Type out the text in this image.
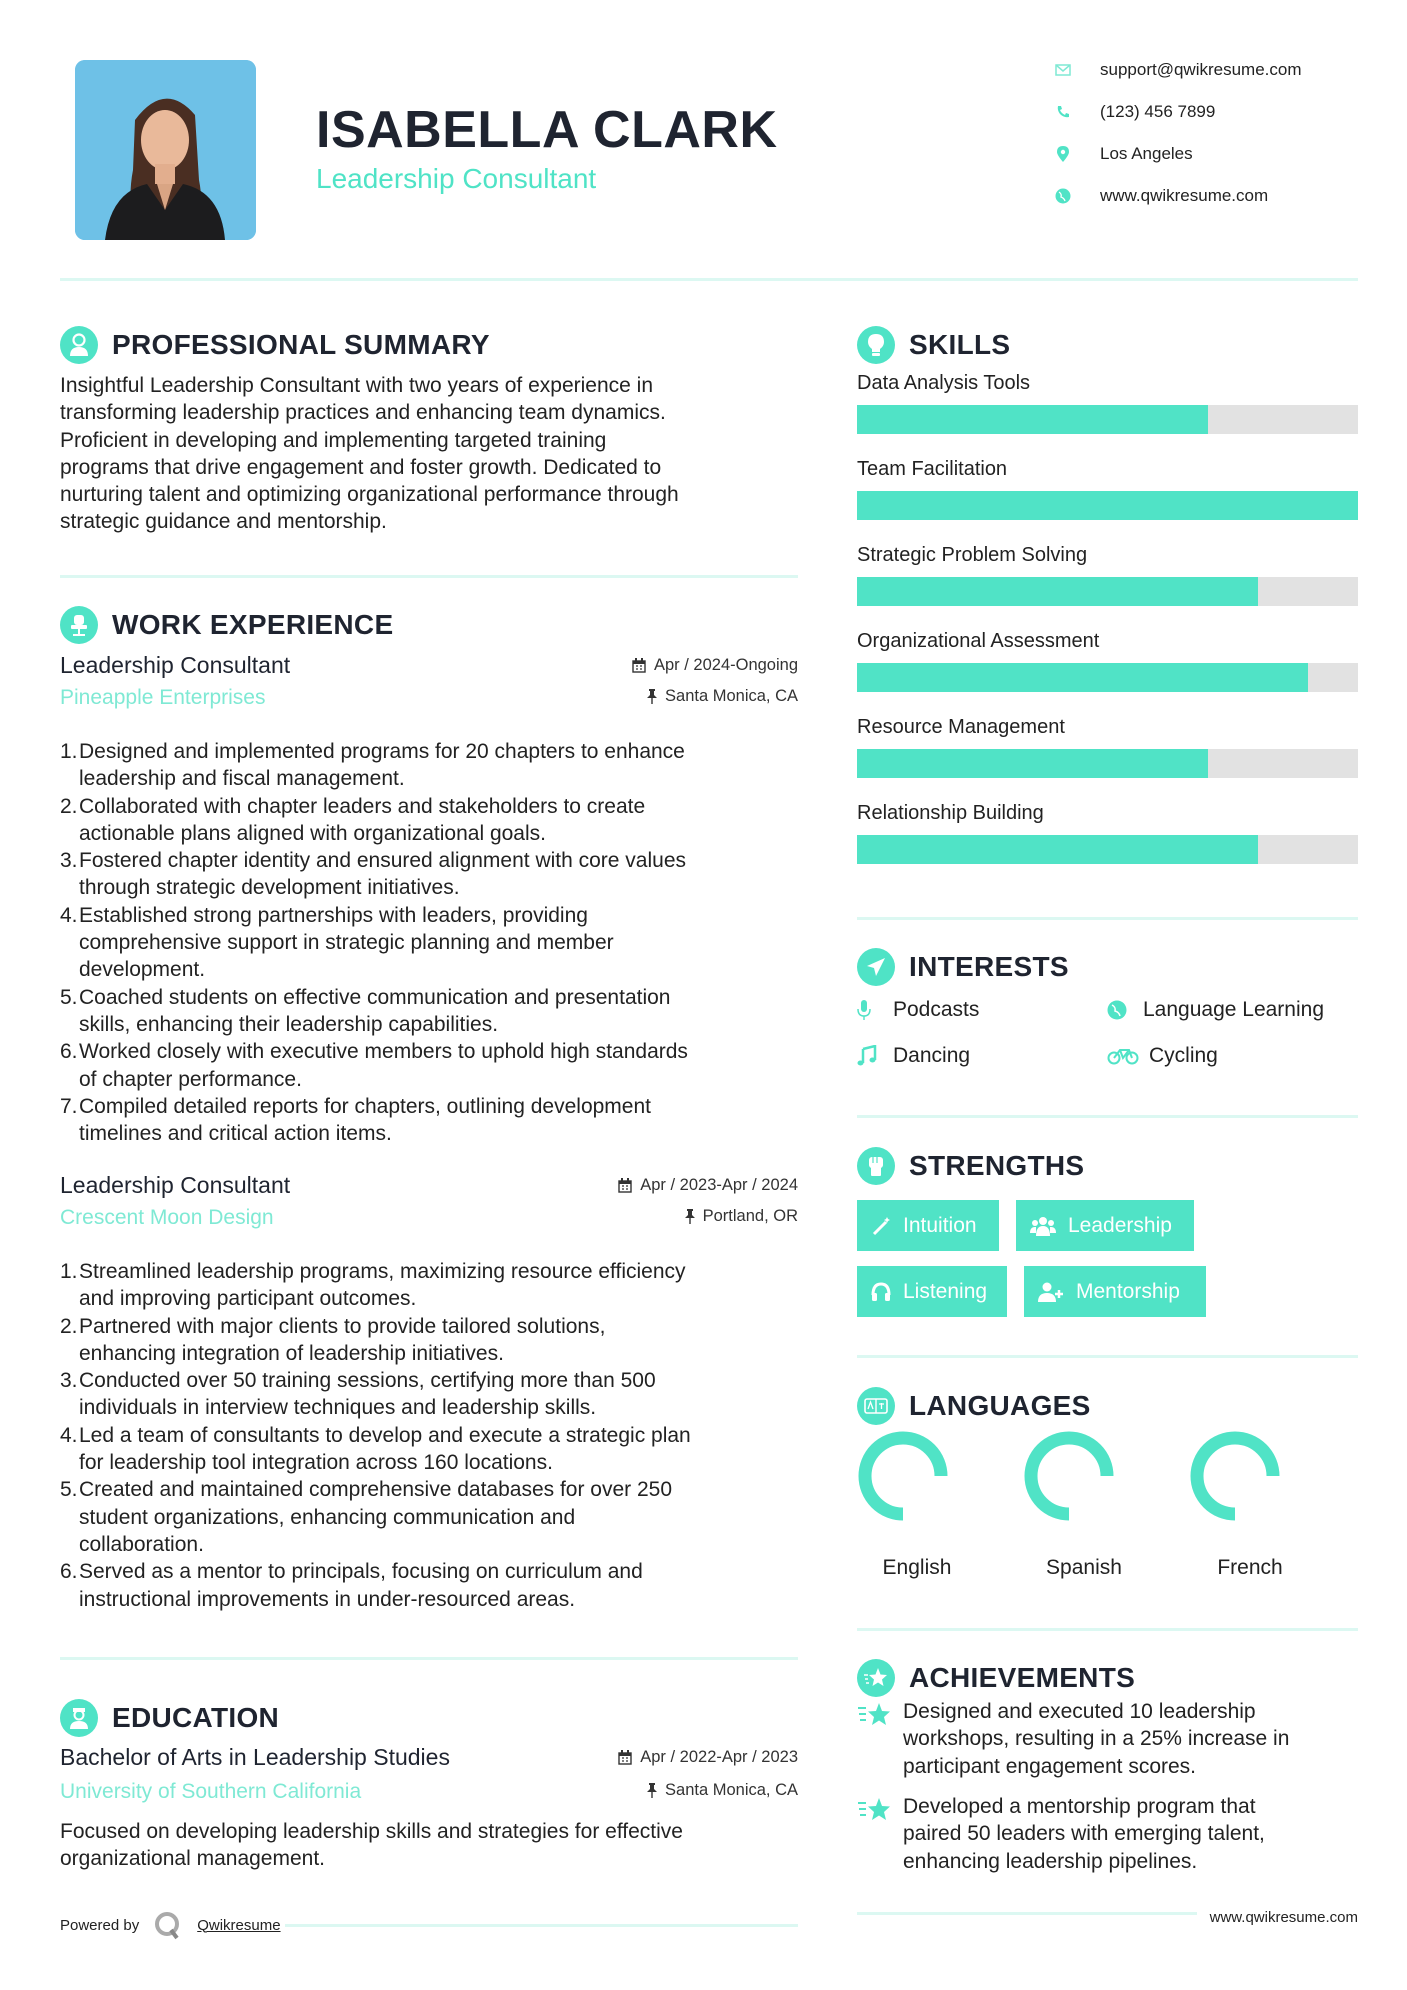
ISABELLA CLARK
Leadership Consultant
support@qwikresume.com
(123) 456 7899
Los Angeles
www.qwikresume.com
PROFESSIONAL SUMMARY
Insightful Leadership Consultant with two years of experience in
transforming leadership practices and enhancing team dynamics.
Proficient in developing and implementing targeted training
programs that drive engagement and foster growth. Dedicated to
nurturing talent and optimizing organizational performance through
strategic guidance and mentorship.
WORK EXPERIENCE
Leadership Consultant	Apr / 2024-Ongoing
Pineapple Enterprises	Santa Monica, CA
1. Designed and implemented programs for 20 chapters to enhance
leadership and fiscal management.
2. Collaborated with chapter leaders and stakeholders to create
actionable plans aligned with organizational goals.
3. Fostered chapter identity and ensured alignment with core values
through strategic development initiatives.
4. Established strong partnerships with leaders, providing
comprehensive support in strategic planning and member
development.
5. Coached students on effective communication and presentation
skills, enhancing their leadership capabilities.
6. Worked closely with executive members to uphold high standards
of chapter performance.
7. Compiled detailed reports for chapters, outlining development
timelines and critical action items.
Leadership Consultant	Apr / 2023-Apr / 2024
Crescent Moon Design	Portland, OR
1. Streamlined leadership programs, maximizing resource efficiency
and improving participant outcomes.
2. Partnered with major clients to provide tailored solutions,
enhancing integration of leadership initiatives.
3. Conducted over 50 training sessions, certifying more than 500
individuals in interview techniques and leadership skills.
4. Led a team of consultants to develop and execute a strategic plan
for leadership tool integration across 160 locations.
5. Created and maintained comprehensive databases for over 250
student organizations, enhancing communication and
collaboration.
6. Served as a mentor to principals, focusing on curriculum and
instructional improvements in under-resourced areas.
EDUCATION
Bachelor of Arts in Leadership Studies	Apr / 2022-Apr / 2023
University of Southern California	Santa Monica, CA
Focused on developing leadership skills and strategies for effective
organizational management.
Powered by	Qwikresume
SKILLS
Data Analysis Tools
Team Facilitation
Strategic Problem Solving
Organizational Assessment
Resource Management
Relationship Building
INTERESTS
Podcasts	Language Learning
Dancing	Cycling
STRENGTHS
Intuition	Leadership
Listening	Mentorship
LANGUAGES
English	Spanish	French
ACHIEVEMENTS
Designed and executed 10 leadership
workshops, resulting in a 25% increase in
participant engagement scores.
Developed a mentorship program that
paired 50 leaders with emerging talent,
enhancing leadership pipelines.
www.qwikresume.com
